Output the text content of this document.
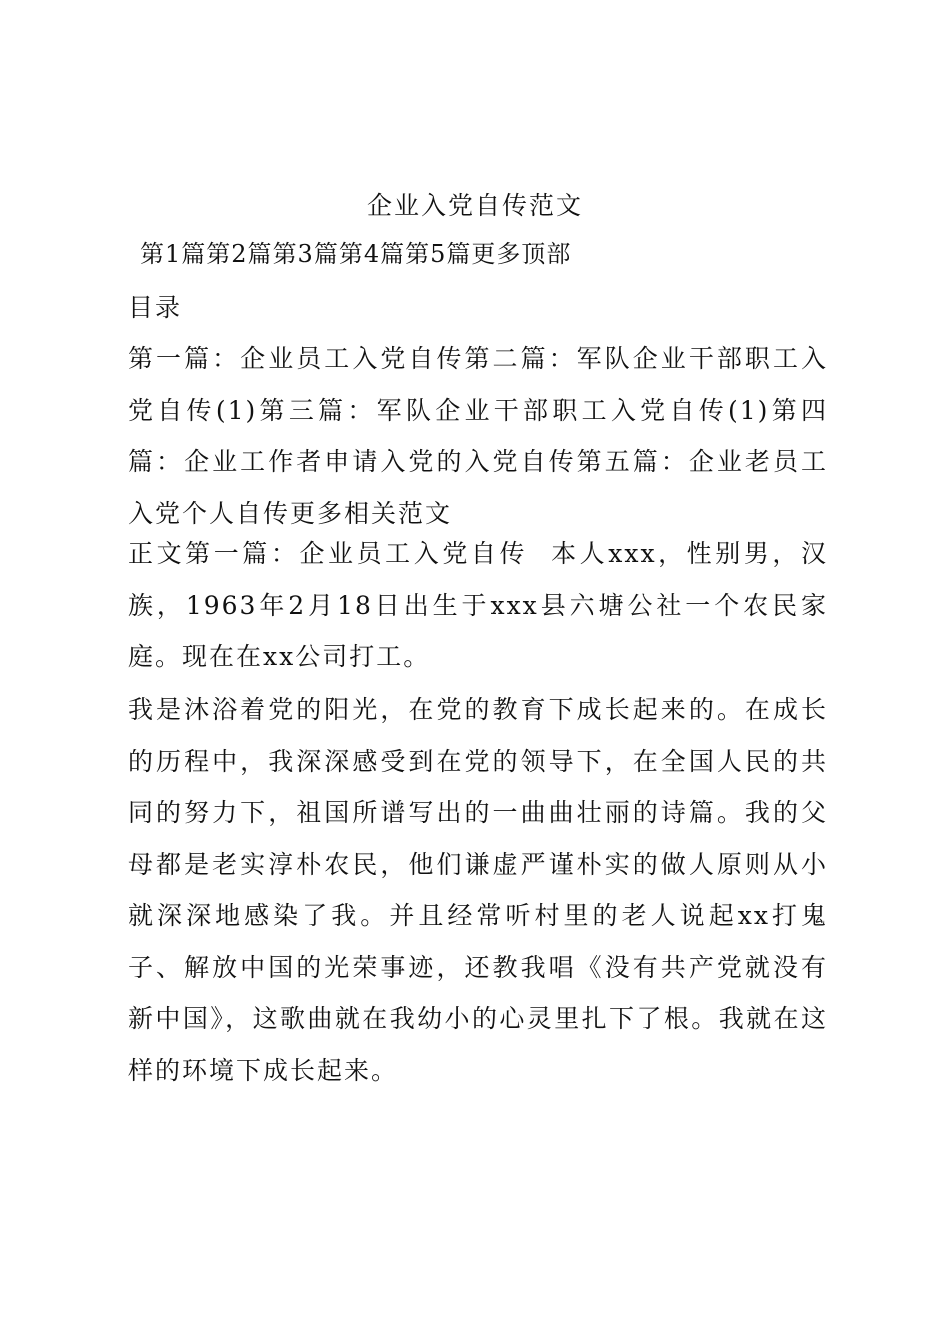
企业入党自传范文
第1篇第2篇第3篇第4篇第5篇更多顶部
目录
第一篇：企业员工入党自传第二篇：军队企业干部职工入党自传(1)第三篇：军队企业干部职工入党自传(1)第四篇：企业工作者申请入党的入党自传第五篇：企业老员工入党个人自传更多相关范文
正文第一篇：企业员工入党自传 本人xxx，性别男，汉族，1963年2月18日出生于xxx县六塘公社一个农民家庭。现在在xx公司打工。
我是沐浴着党的阳光，在党的教育下成长起来的。在成长的历程中，我深深感受到在党的领导下，在全国人民的共同的努力下，祖国所谱写出的一曲曲壮丽的诗篇。我的父母都是老实淳朴农民，他们谦虚严谨朴实的做人原则从小就深深地感染了我。并且经常听村里的老人说起xx打鬼子、解放中国的光荣事迹，还教我唱《没有共产党就没有新中国》，这歌曲就在我幼小的心灵里扎下了根。我就在这样的环境下成长起来。
